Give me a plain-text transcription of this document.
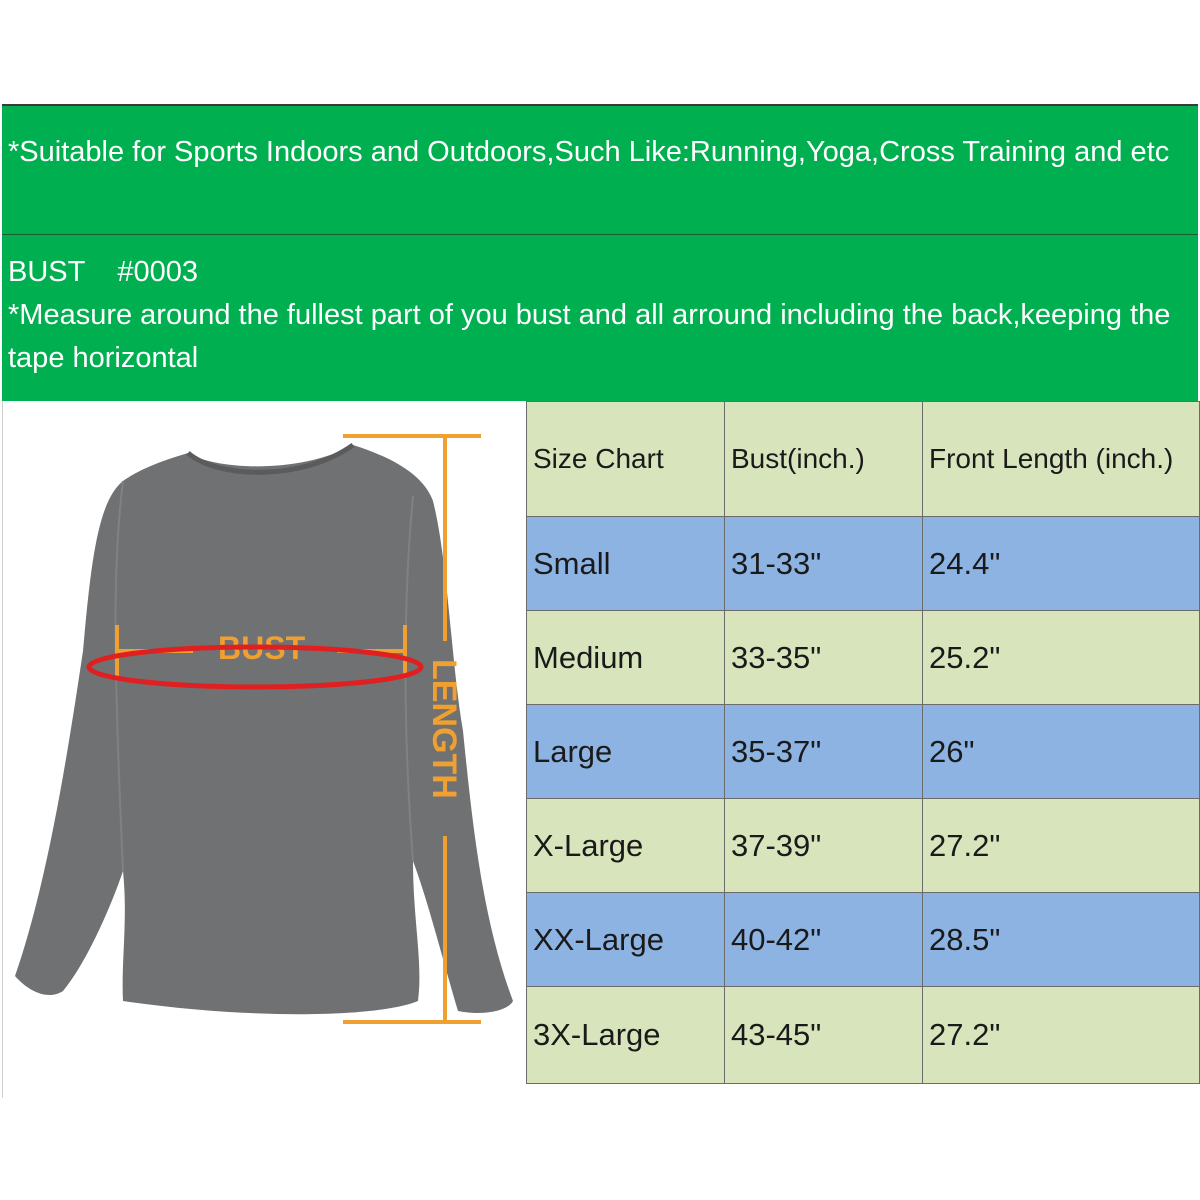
*Suitable for Sports Indoors and Outdoors,Such Like:Running,Yoga,Cross Training and etc
BUST #0003
*Measure around the fullest part of you bust and all arround including the back,keeping the tape horizontal
LENGTH
BUST
Size Chart	Bust(inch.)	Front Length (inch.)
Small	31-33"	24.4"
Medium	33-35"	25.2"
Large	35-37"	26"
X-Large	37-39"	27.2"
XX-Large	40-42"	28.5"
3X-Large	43-45"	27.2"
